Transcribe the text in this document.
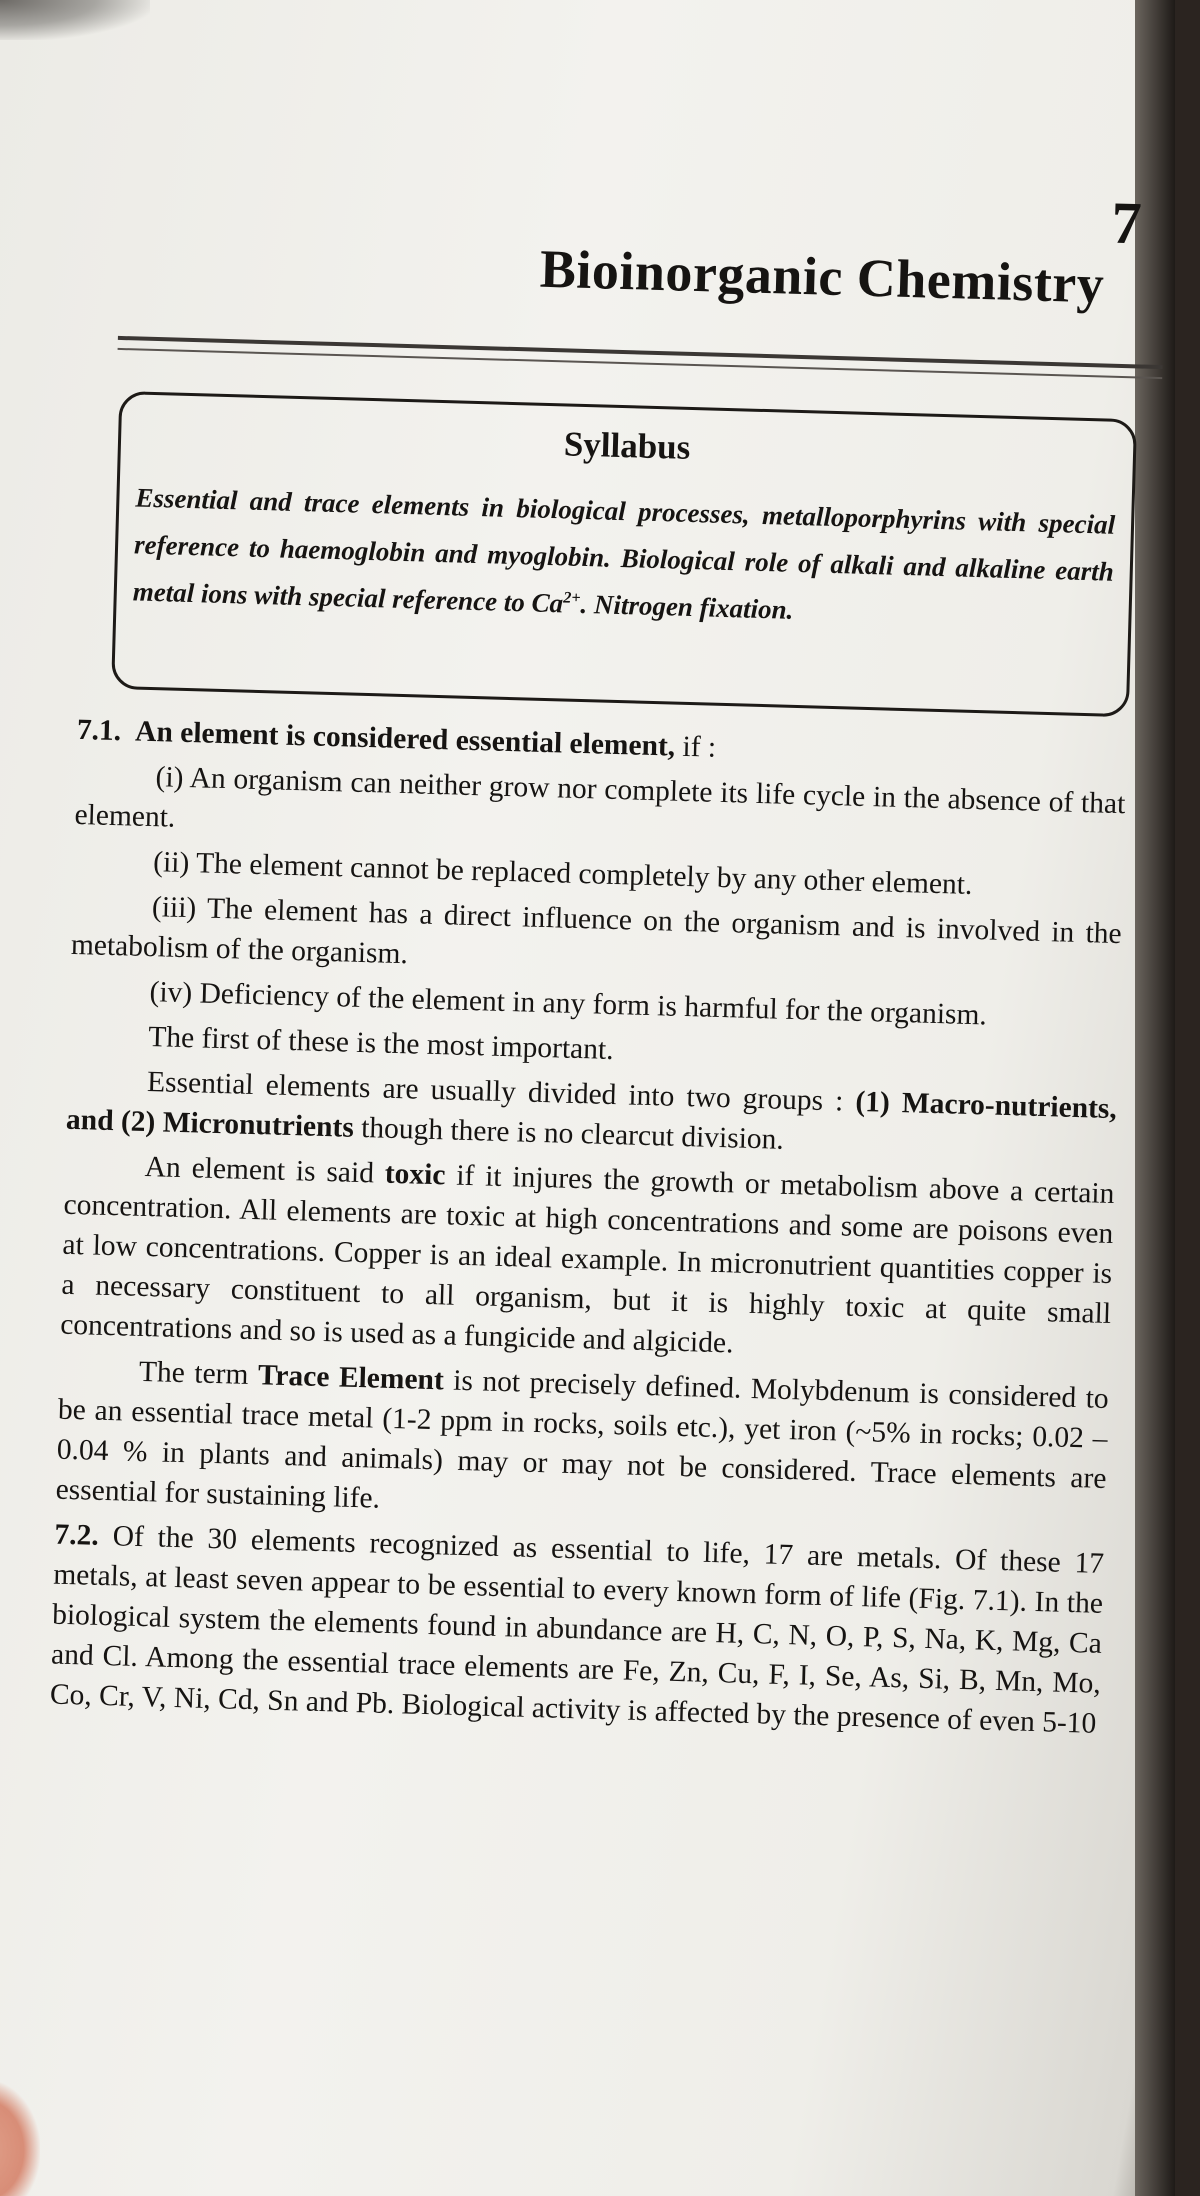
7
Bioinorganic Chemistry
Syllabus
Essential and trace elements in biological processes, metalloporphyrins with special reference to haemoglobin and myoglobin. Biological role of alkali and alkaline earth metal ions with special reference to $Ca^{2+}$. Nitrogen fixation.

7.1. An element is considered essential element, if :

(i) An organism can neither grow nor complete its life cycle in the absence of that element.

(ii) The element cannot be replaced completely by any other element.

(iii) The element has a direct influence on the organism and is involved in the metabolism of the organism.

(iv) Deficiency of the element in any form is harmful for the organism.

The first of these is the most important.

Essential elements are usually divided into two groups : (1) Macro-nutrients, and (2) Micronutrients though there is no clearcut division.

An element is said toxic if it injures the growth or metabolism above a certain concentration. All elements are toxic at high concentrations and some are poisons even at low concentrations. Copper is an ideal example. In micronutrient quantities copper is a necessary constituent to all organism, but it is highly toxic at quite small concentrations and so is used as a fungicide and algicide.

The term Trace Element is not precisely defined. Molybdenum is considered to be an essential trace metal (1-2 ppm in rocks, soils etc.), yet iron (~5% in rocks; 0.02 – 0.04 % in plants and animals) may or may not be considered. Trace elements are essential for sustaining life.

7.2. Of the 30 elements recognized as essential to life, 17 are metals. Of these 17 metals, at least seven appear to be essential to every known form of life (Fig. 7.1). In the biological system the elements found in abundance are H, C, N, O, P, S, Na, K, Mg, Ca and Cl. Among the essential trace elements are Fe, Zn, Cu, F, I, Se, As, Si, B, Mn, Mo, Co, Cr, V, Ni, Cd, Sn and Pb. Biological activity is affected by the presence of even 5-10
